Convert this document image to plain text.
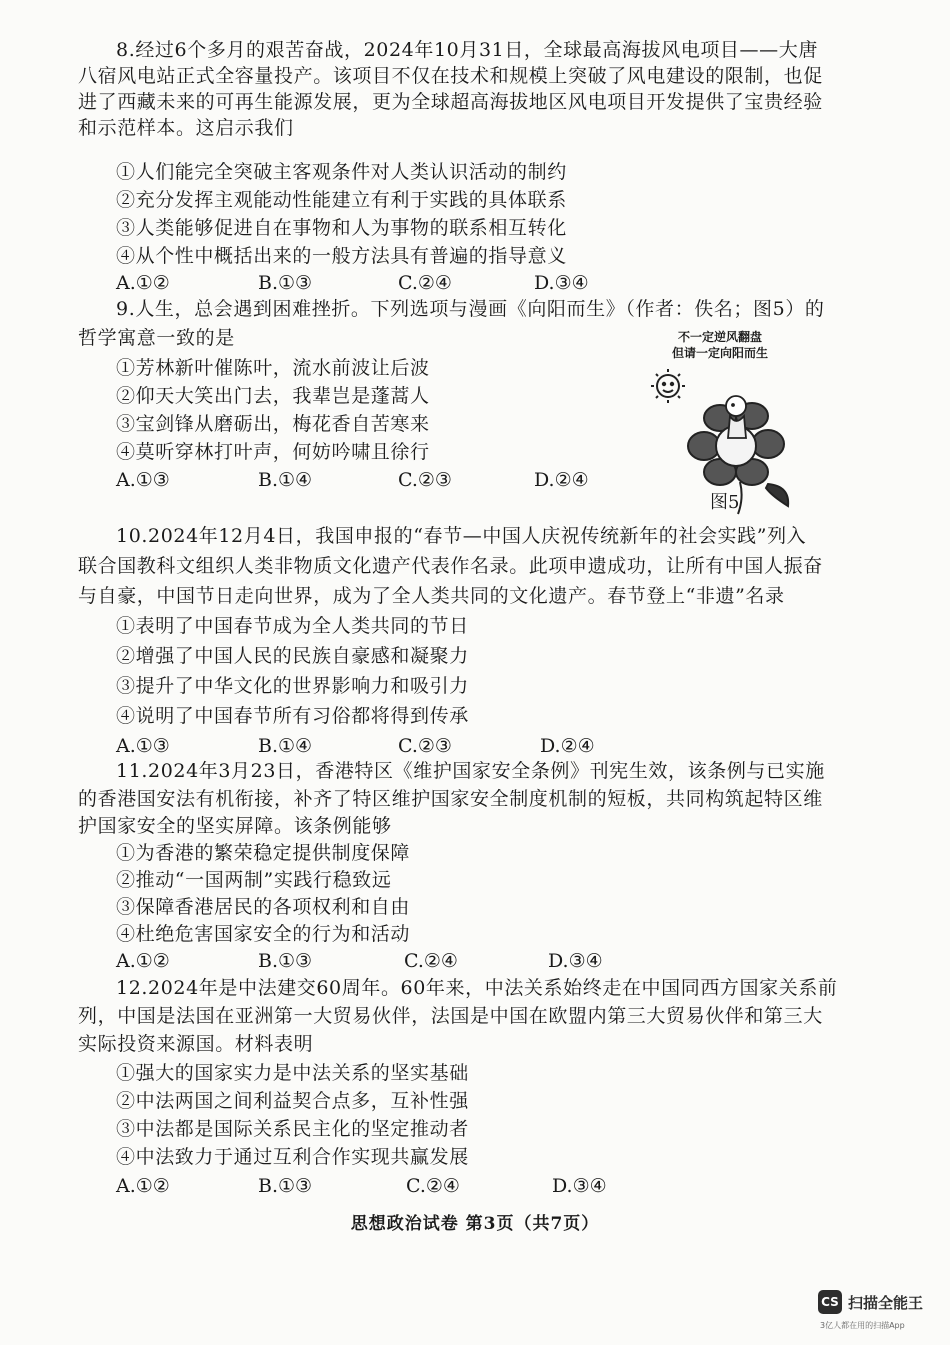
8.经过6个多月的艰苦奋战，2024年10月31日，全球最高海拔风电项目——大唐
八宿风电站正式全容量投产。该项目不仅在技术和规模上突破了风电建设的限制，也促
进了西藏未来的可再生能源发展，更为全球超高海拔地区风电项目开发提供了宝贵经验
和示范样本。这启示我们
①人们能完全突破主客观条件对人类认识活动的制约
②充分发挥主观能动性能建立有利于实践的具体联系
③人类能够促进自在事物和人为事物的联系相互转化
④从个性中概括出来的一般方法具有普遍的指导意义
A.①②	B.①③	C.②④	D.③④
9.人生，总会遇到困难挫折。下列选项与漫画《向阳而生》（作者：佚名；图5）的
哲学寓意一致的是
①芳林新叶催陈叶，流水前波让后波
②仰天大笑出门去，我辈岂是蓬蒿人
③宝剑锋从磨砺出，梅花香自苦寒来
④莫听穿林打叶声，何妨吟啸且徐行
A.①③	B.①④	C.②③	D.②④
不一定逆风翻盘
但请一定向阳而生
图5
10.2024年12月4日，我国申报的“春节—中国人庆祝传统新年的社会实践”列入
联合国教科文组织人类非物质文化遗产代表作名录。此项申遗成功，让所有中国人振奋
与自豪，中国节日走向世界，成为了全人类共同的文化遗产。春节登上“非遗”名录
①表明了中国春节成为全人类共同的节日
②增强了中国人民的民族自豪感和凝聚力
③提升了中华文化的世界影响力和吸引力
④说明了中国春节所有习俗都将得到传承
A.①③	B.①④	C.②③	D.②④
11.2024年3月23日，香港特区《维护国家安全条例》刊宪生效，该条例与已实施
的香港国安法有机衔接，补齐了特区维护国家安全制度机制的短板，共同构筑起特区维
护国家安全的坚实屏障。该条例能够
①为香港的繁荣稳定提供制度保障
②推动“一国两制”实践行稳致远
③保障香港居民的各项权利和自由
④杜绝危害国家安全的行为和活动
A.①②	B.①③	C.②④	D.③④
12.2024年是中法建交60周年。60年来，中法关系始终走在中国同西方国家关系前
列，中国是法国在亚洲第一大贸易伙伴，法国是中国在欧盟内第三大贸易伙伴和第三大
实际投资来源国。材料表明
①强大的国家实力是中法关系的坚实基础
②中法两国之间利益契合点多，互补性强
③中法都是国际关系民主化的坚定推动者
④中法致力于通过互利合作实现共赢发展
A.①②	B.①③	C.②④	D.③④
思想政治试卷 第3页（共7页）
CS 扫描全能王
3亿人都在用的扫描App
